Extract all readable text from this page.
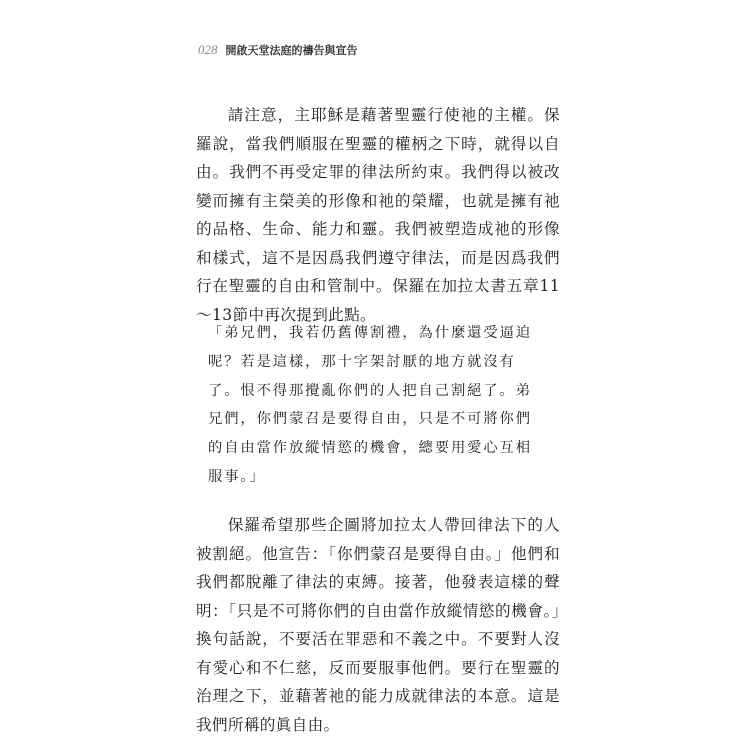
028 開啟天堂法庭的禱告與宣告

請注意，主耶穌是藉著聖靈行使祂的主權。保羅說，當我們順服在聖靈的權柄之下時，就得以自由。我們不再受定罪的律法所約束。我們得以被改變而擁有主榮美的形像和祂的榮耀，也就是擁有祂的品格、生命、能力和靈。我們被塑造成祂的形像和樣式，這不是因爲我們遵守律法，而是因爲我們行在聖靈的自由和管制中。保羅在加拉太書五章11～13節中再次提到此點。

「弟兄們，我若仍舊傳割禮，為什麼還受逼迫呢？若是這樣，那十字架討厭的地方就沒有了。恨不得那攪亂你們的人把自己割絕了。弟兄們，你們蒙召是要得自由，只是不可將你們的自由當作放縱情慾的機會，總要用愛心互相服事。」

保羅希望那些企圖將加拉太人帶回律法下的人被割絕。他宣告：「你們蒙召是要得自由。」他們和我們都脫離了律法的束縛。接著，他發表這樣的聲明：「只是不可將你們的自由當作放縱情慾的機會。」換句話說，不要活在罪惡和不義之中。不要對人沒有愛心和不仁慈，反而要服事他們。要行在聖靈的治理之下，並藉著祂的能力成就律法的本意。這是我們所稱的眞自由。
